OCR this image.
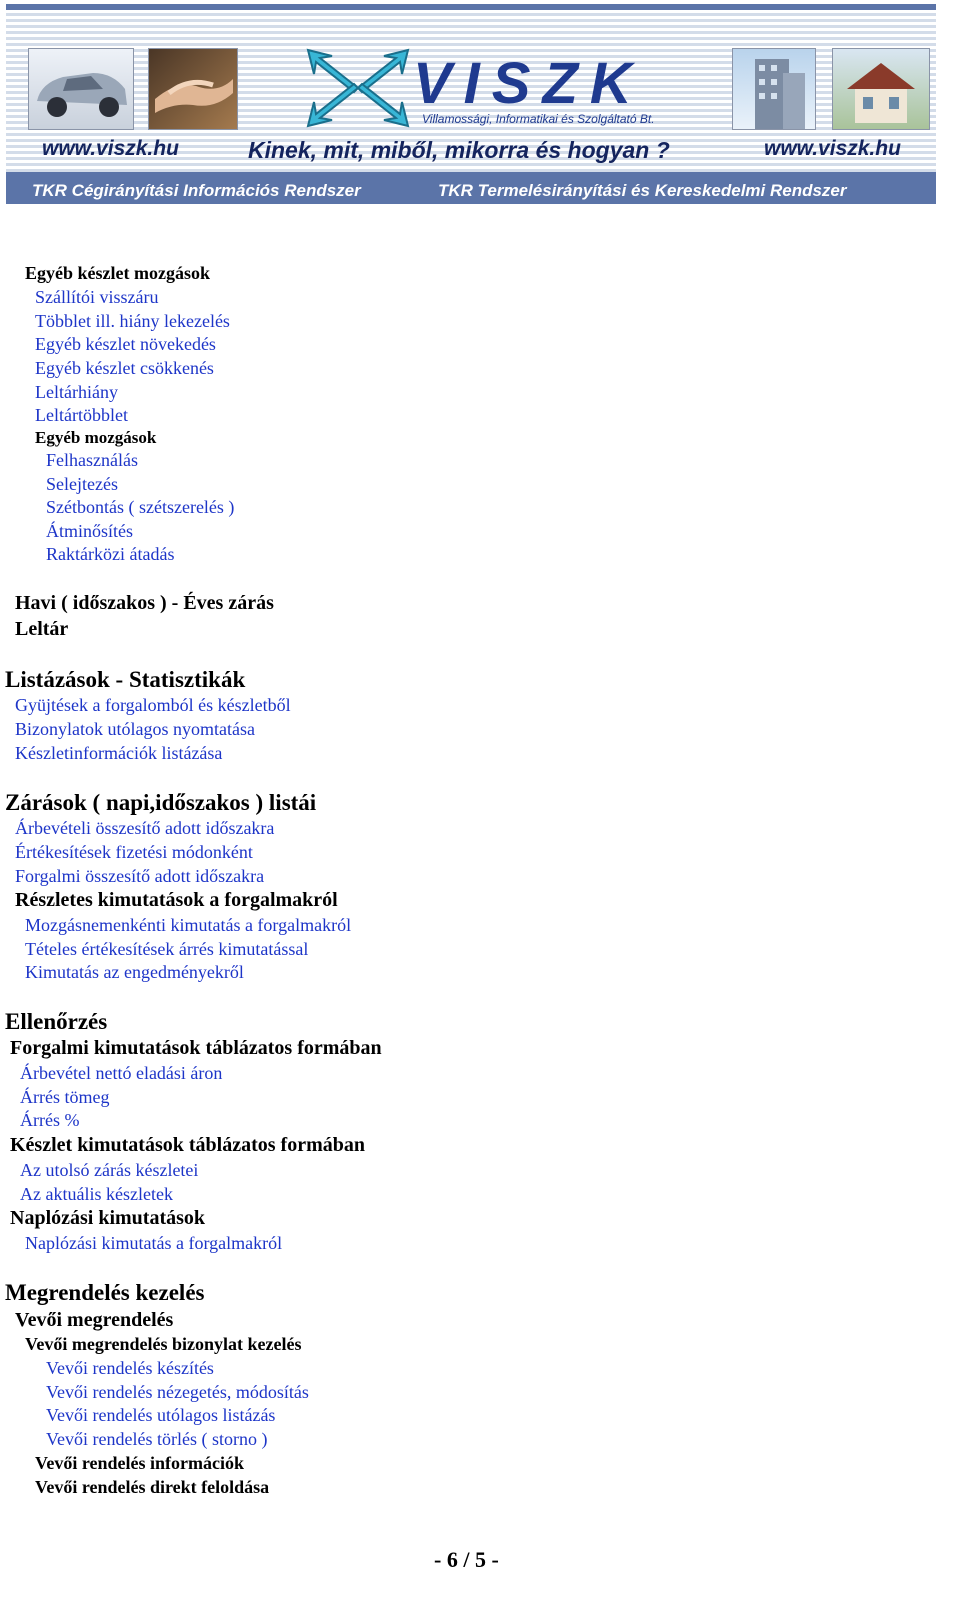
VISZK
Villamossági, Informatikai és Szolgáltató Bt.
www.viszk.hu	Kinek, mit, miből, mikorra és hogyan ?	www.viszk.hu
TKR Cégirányítási Információs Rendszer	TKR Termelésirányítási és Kereskedelmi Rendszer
Egyéb készlet mozgások
Szállítói visszáru
Többlet ill. hiány lekezelés
Egyéb készlet növekedés
Egyéb készlet csökkenés
Leltárhiány
Leltártöbblet
Egyéb mozgások
Felhasználás
Selejtezés
Szétbontás ( szétszerelés )
Átminősítés
Raktárközi átadás
Havi ( időszakos ) - Éves zárás
Leltár
Listázások - Statisztikák
Gyüjtések a forgalomból és készletből
Bizonylatok utólagos nyomtatása
Készletinformációk listázása
Zárások ( napi,időszakos ) listái
Árbevételi összesítő adott időszakra
Értékesítések fizetési módonként
Forgalmi összesítő adott időszakra
Részletes kimutatások a forgalmakról
Mozgásnemenkénti kimutatás a forgalmakról
Tételes értékesítések árrés kimutatással
Kimutatás az engedményekről
Ellenőrzés
Forgalmi kimutatások táblázatos formában
Árbevétel nettó eladási áron
Árrés tömeg
Árrés %
Készlet kimutatások táblázatos formában
Az utolsó zárás készletei
Az aktuális készletek
Naplózási kimutatások
Naplózási kimutatás a forgalmakról
Megrendelés kezelés
Vevői megrendelés
Vevői megrendelés bizonylat kezelés
Vevői rendelés készítés
Vevői rendelés nézegetés, módosítás
Vevői rendelés utólagos listázás
Vevői rendelés törlés ( storno )
Vevői rendelés információk
Vevői rendelés direkt feloldása
- 6 / 5 -
